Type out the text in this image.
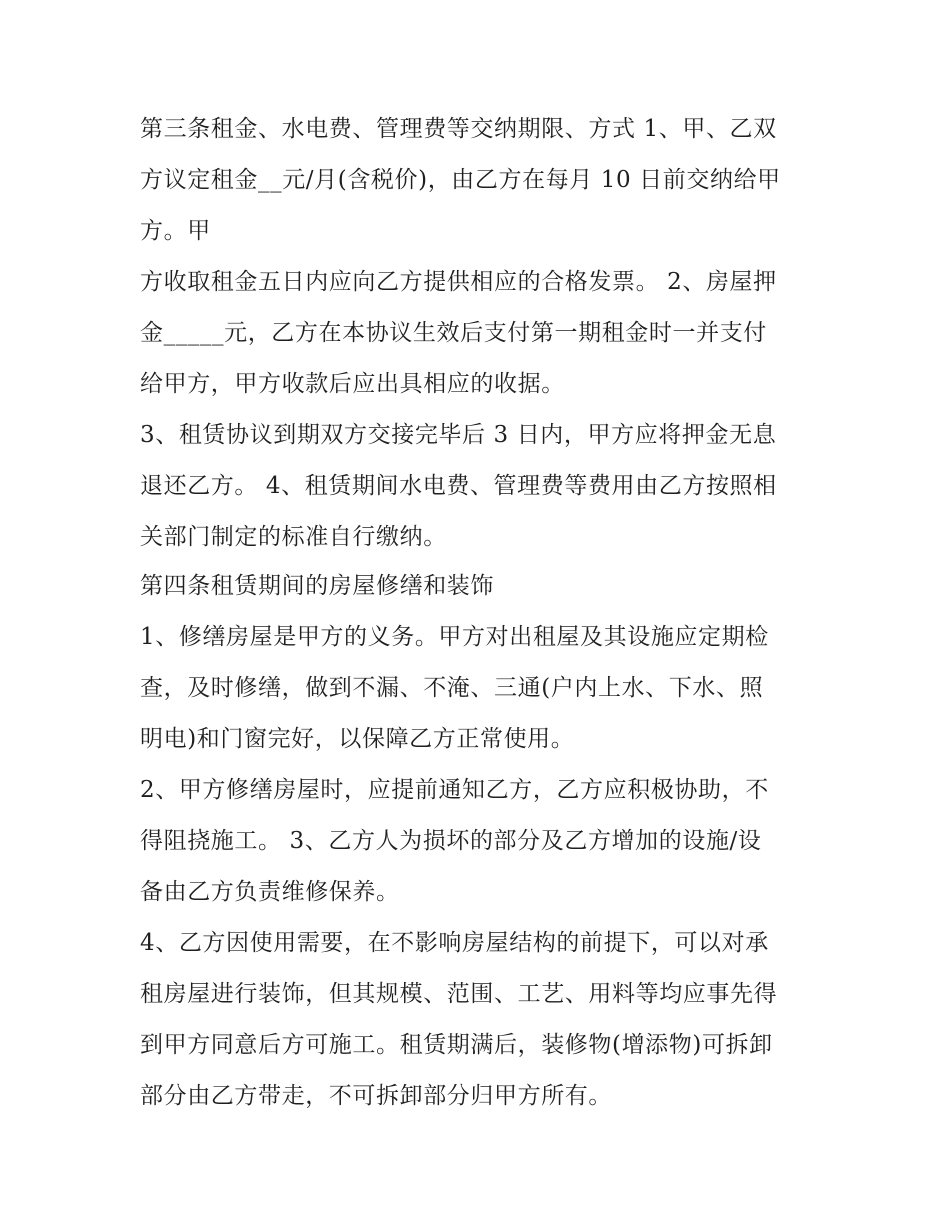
第三条租金、水电费、管理费等交纳期限、方式 1、甲、乙双

方议定租金__元/月(含税价)，由乙方在每月 10 日前交纳给甲

方。甲

方收取租金五日内应向乙方提供相应的合格发票。 2、房屋押

金_____元，乙方在本协议生效后支付第一期租金时一并支付

给甲方，甲方收款后应出具相应的收据。

3、租赁协议到期双方交接完毕后 3 日内，甲方应将押金无息

退还乙方。 4、租赁期间水电费、管理费等费用由乙方按照相

关部门制定的标准自行缴纳。

第四条租赁期间的房屋修缮和装饰

1、修缮房屋是甲方的义务。甲方对出租屋及其设施应定期检

查，及时修缮，做到不漏、不淹、三通(户内上水、下水、照

明电)和门窗完好，以保障乙方正常使用。

2、甲方修缮房屋时，应提前通知乙方，乙方应积极协助，不

得阻挠施工。 3、乙方人为损坏的部分及乙方增加的设施/设

备由乙方负责维修保养。

4、乙方因使用需要，在不影响房屋结构的前提下，可以对承

租房屋进行装饰，但其规模、范围、工艺、用料等均应事先得

到甲方同意后方可施工。租赁期满后，装修物(增添物)可拆卸

部分由乙方带走，不可拆卸部分归甲方所有。
